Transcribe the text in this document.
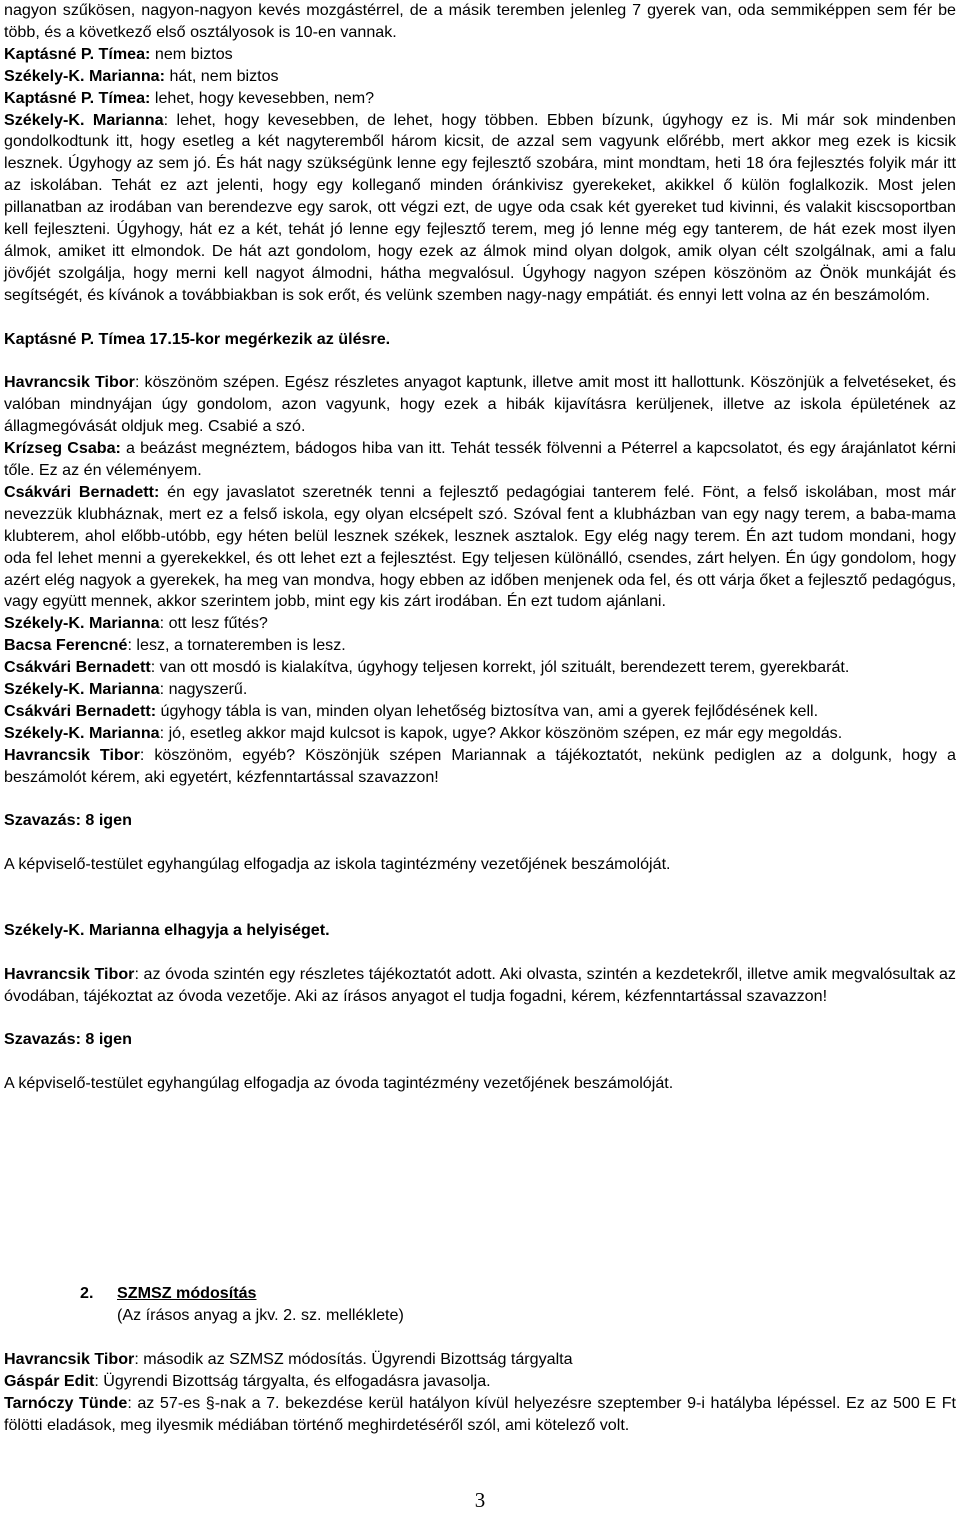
nagyon szűkösen, nagyon-nagyon kevés mozgástérrel, de a másik teremben jelenleg 7 gyerek van, oda semmiképpen sem fér be több, és a következő első osztályosok is 10-en vannak.

Kaptásné P. Tímea: nem biztos

Székely-K. Marianna: hát, nem biztos

Kaptásné P. Tímea: lehet, hogy kevesebben, nem?

Székely-K. Marianna: lehet, hogy kevesebben, de lehet, hogy többen. Ebben bízunk, úgyhogy ez is. Mi már sok mindenben gondolkodtunk itt, hogy esetleg a két nagyteremből három kicsit, de azzal sem vagyunk előrébb, mert akkor meg ezek is kicsik lesznek. Úgyhogy az sem jó. És hát nagy szükségünk lenne egy fejlesztő szobára, mint mondtam, heti 18 óra fejlesztés folyik már itt az iskolában. Tehát ez azt jelenti, hogy egy kolleganő minden óránkivisz gyerekeket, akikkel ő külön foglalkozik. Most jelen pillanatban az irodában van berendezve egy sarok, ott végzi ezt, de ugye oda csak két gyereket tud kivinni, és valakit kiscsoportban kell fejleszteni. Úgyhogy, hát ez a két, tehát jó lenne egy fejlesztő terem, meg jó lenne még egy tanterem, de hát ezek most ilyen álmok, amiket itt elmondok. De hát azt gondolom, hogy ezek az álmok mind olyan dolgok, amik olyan célt szolgálnak, ami a falu jövőjét szolgálja, hogy merni kell nagyot álmodni, hátha megvalósul. Úgyhogy nagyon szépen köszönöm az Önök munkáját és segítségét, és kívánok a továbbiakban is sok erőt, és velünk szemben nagy-nagy empátiát. és ennyi lett volna az én beszámolóm.

Kaptásné P. Tímea 17.15-kor megérkezik az ülésre.

Havrancsik Tibor: köszönöm szépen. Egész részletes anyagot kaptunk, illetve amit most itt hallottunk. Köszönjük a felvetéseket, és valóban mindnyájan úgy gondolom, azon vagyunk, hogy ezek a hibák kijavításra kerüljenek, illetve az iskola épületének az állagmegóvását oldjuk meg. Csabié a szó.

Krízseg Csaba: a beázást megnéztem, bádogos hiba van itt. Tehát tessék fölvenni a Péterrel a kapcsolatot, és egy árajánlatot kérni tőle. Ez az én véleményem.

Csákvári Bernadett: én egy javaslatot szeretnék tenni a fejlesztő pedagógiai tanterem felé. Fönt, a felső iskolában, most már nevezzük klubháznak, mert ez a felső iskola, egy olyan elcsépelt szó. Szóval fent a klubházban van egy nagy terem, a baba-mama klubterem, ahol előbb-utóbb, egy héten belül lesznek székek, lesznek asztalok. Egy elég nagy terem. Én azt tudom mondani, hogy oda fel lehet menni a gyerekekkel, és ott lehet ezt a fejlesztést. Egy teljesen különálló, csendes, zárt helyen. Én úgy gondolom, hogy azért elég nagyok a gyerekek, ha meg van mondva, hogy ebben az időben menjenek oda fel, és ott várja őket a fejlesztő pedagógus, vagy együtt mennek, akkor szerintem jobb, mint egy kis zárt irodában. Én ezt tudom ajánlani.

Székely-K. Marianna: ott lesz fűtés?

Bacsa Ferencné: lesz, a tornateremben is lesz.

Csákvári Bernadett: van ott mosdó is kialakítva, úgyhogy teljesen korrekt, jól szituált, berendezett terem, gyerekbarát.

Székely-K. Marianna: nagyszerű.

Csákvári Bernadett: úgyhogy tábla is van, minden olyan lehetőség biztosítva van, ami a gyerek fejlődésének kell.

Székely-K. Marianna: jó, esetleg akkor majd kulcsot is kapok, ugye? Akkor köszönöm szépen, ez már egy megoldás.

Havrancsik Tibor: köszönöm, egyéb? Köszönjük szépen Mariannak a tájékoztatót, nekünk pediglen az a dolgunk, hogy a beszámolót kérem, aki egyetért, kézfenntartással szavazzon!

Szavazás: 8 igen

A képviselő-testület egyhangúlag elfogadja az iskola tagintézmény vezetőjének beszámolóját.

Székely-K. Marianna elhagyja a helyiséget.

Havrancsik Tibor: az óvoda szintén egy részletes tájékoztatót adott. Aki olvasta, szintén a kezdetekről, illetve amik megvalósultak az óvodában, tájékoztat az óvoda vezetője. Aki az írásos anyagot el tudja fogadni, kérem, kézfenntartással szavazzon!

Szavazás: 8 igen

A képviselő-testület egyhangúlag elfogadja az óvoda tagintézmény vezetőjének beszámolóját.

2. SZMSZ módosítás
(Az írásos anyag a jkv. 2. sz. melléklete)

Havrancsik Tibor: második az SZMSZ módosítás. Ügyrendi Bizottság tárgyalta

Gáspár Edit: Ügyrendi Bizottság tárgyalta, és elfogadásra javasolja.

Tarnóczy Tünde: az 57-es §-nak a 7. bekezdése kerül hatályon kívül helyezésre szeptember 9-i hatályba lépéssel. Ez az 500 E Ft fölötti eladások, meg ilyesmik médiában történő meghirdetéséről szól, ami kötelező volt.

3
